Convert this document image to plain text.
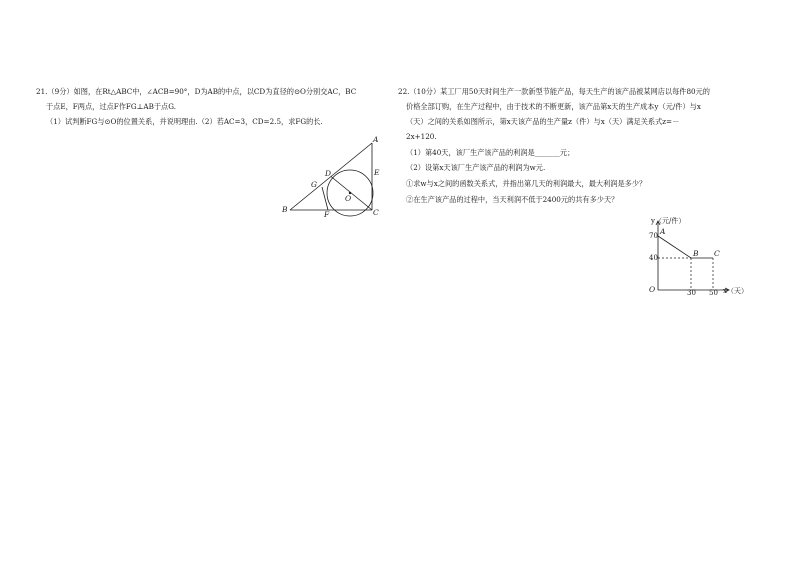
21.（9分）如图，在Rt△ABC中，∠ACB=90°，D为AB的中点，以CD为直径的⊙O分别交AC，BC
于点E，F两点，过点F作FG⊥AB于点G.
（1）试判断FG与⊙O的位置关系，并说明理由.（2）若AC=3，CD=2.5，求FG的长.
A
B	C
D	E
F
G
O
22.（10分）某工厂用50天时间生产一款新型节能产品，每天生产的该产品被某网店以每件80元的
价格全部订购，在生产过程中，由于技术的不断更新，该产品第x天的生产成本y（元/件）与x
（天）之间的关系如图所示，第x天该产品的生产量z（件）与x（天）满足关系式z=－
2x+120.
（1）第40天，该厂生产该产品的利润是_______元；
（2）设第x天该厂生产该产品的利润为w元.
①求w与x之间的函数关系式，并指出第几天的利润最大，最大利润是多少？
②在生产该产品的过程中，当天利润不低于2400元的共有多少天？
y（元/件）
70
40
O	30 50 x（天）
A
B C
